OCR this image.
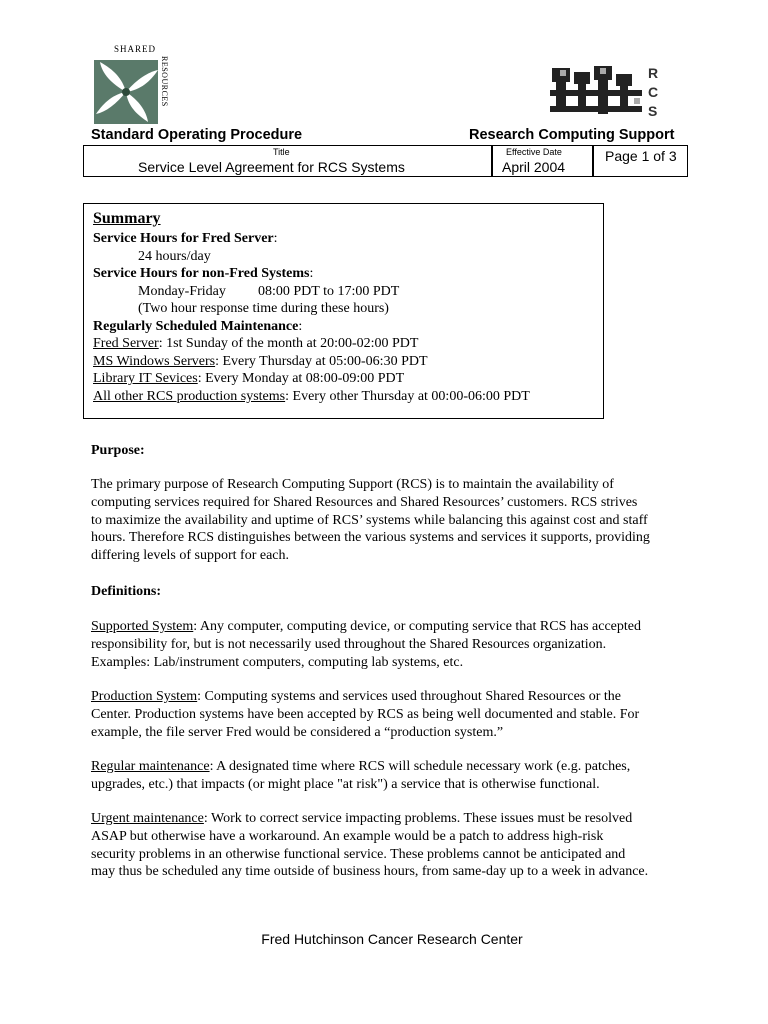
SHARED
RESOURCES	R
C
S
Standard Operating Procedure	Research Computing Support
Title
Service Level Agreement for RCS Systems
Effective Date
April 2004
Page 1 of 3
Summary
Service Hours for Fred Server:
24 hours/day
Service Hours for non-Fred Systems:
Monday-Friday 08:00 PDT to 17:00 PDT
(Two hour response time during these hours)
Regularly Scheduled Maintenance:
Fred Server: 1st Sunday of the month at 20:00-02:00 PDT
MS Windows Servers: Every Thursday at 05:00-06:30 PDT
Library IT Sevices: Every Monday at 08:00-09:00 PDT
All other RCS production systems: Every other Thursday at 00:00-06:00 PDT
Purpose:
The primary purpose of Research Computing Support (RCS) is to maintain the availability of
computing services required for Shared Resources and Shared Resources’ customers. RCS strives
to maximize the availability and uptime of RCS’ systems while balancing this against cost and staff
hours. Therefore RCS distinguishes between the various systems and services it supports, providing
differing levels of support for each.
Definitions:
Supported System: Any computer, computing device, or computing service that RCS has accepted
responsibility for, but is not necessarily used throughout the Shared Resources organization.
Examples: Lab/instrument computers, computing lab systems, etc.
Production System: Computing systems and services used throughout Shared Resources or the
Center. Production systems have been accepted by RCS as being well documented and stable. For
example, the file server Fred would be considered a “production system.”
Regular maintenance: A designated time where RCS will schedule necessary work (e.g. patches,
upgrades, etc.) that impacts (or might place "at risk") a service that is otherwise functional.
Urgent maintenance: Work to correct service impacting problems. These issues must be resolved
ASAP but otherwise have a workaround. An example would be a patch to address high-risk
security problems in an otherwise functional service. These problems cannot be anticipated and
may thus be scheduled any time outside of business hours, from same-day up to a week in advance.
Fred Hutchinson Cancer Research Center
